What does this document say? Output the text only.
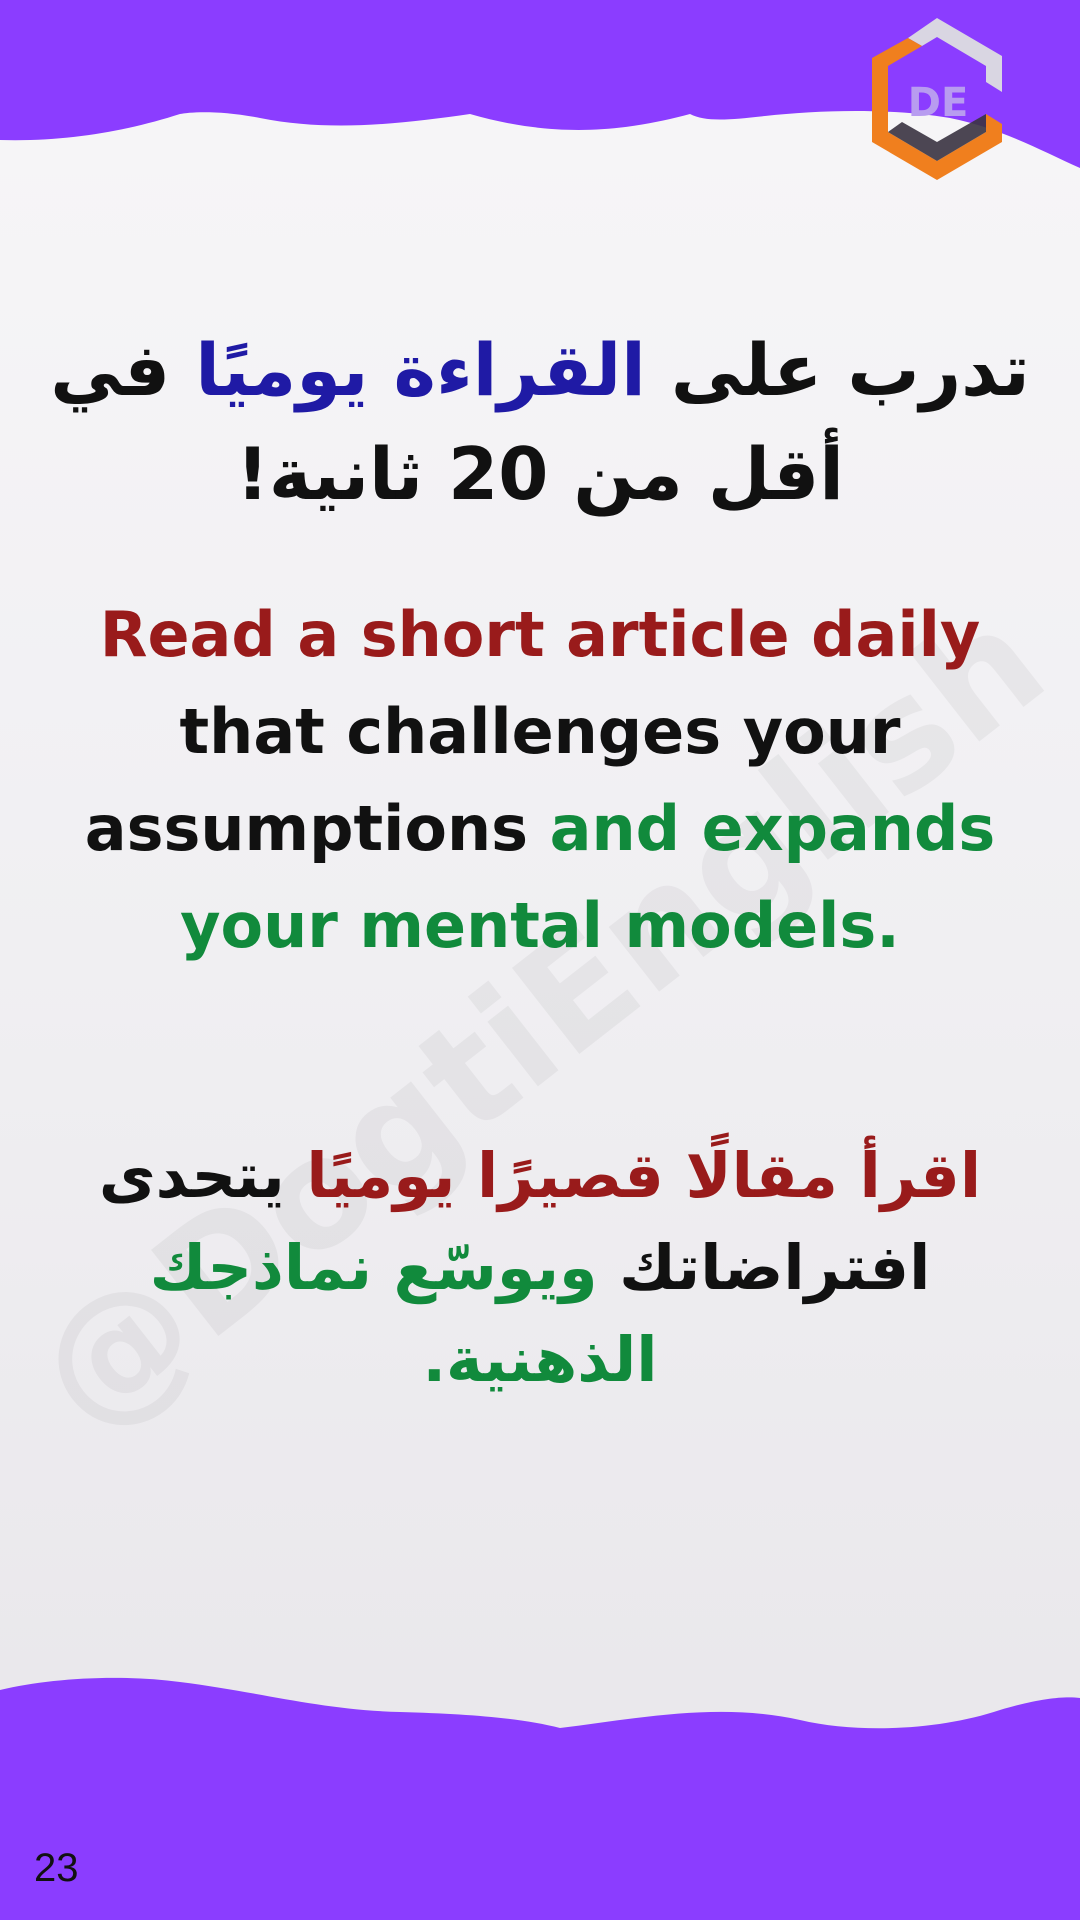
DE

تدرب على القراءة يوميًا في أقل من 20 ثانية!

Read a short article daily that challenges your assumptions and expands your mental models.

اقرأ مقالًا قصيرًا يوميًا يتحدى افتراضاتك ويوسّع نماذجك الذهنية.

23
